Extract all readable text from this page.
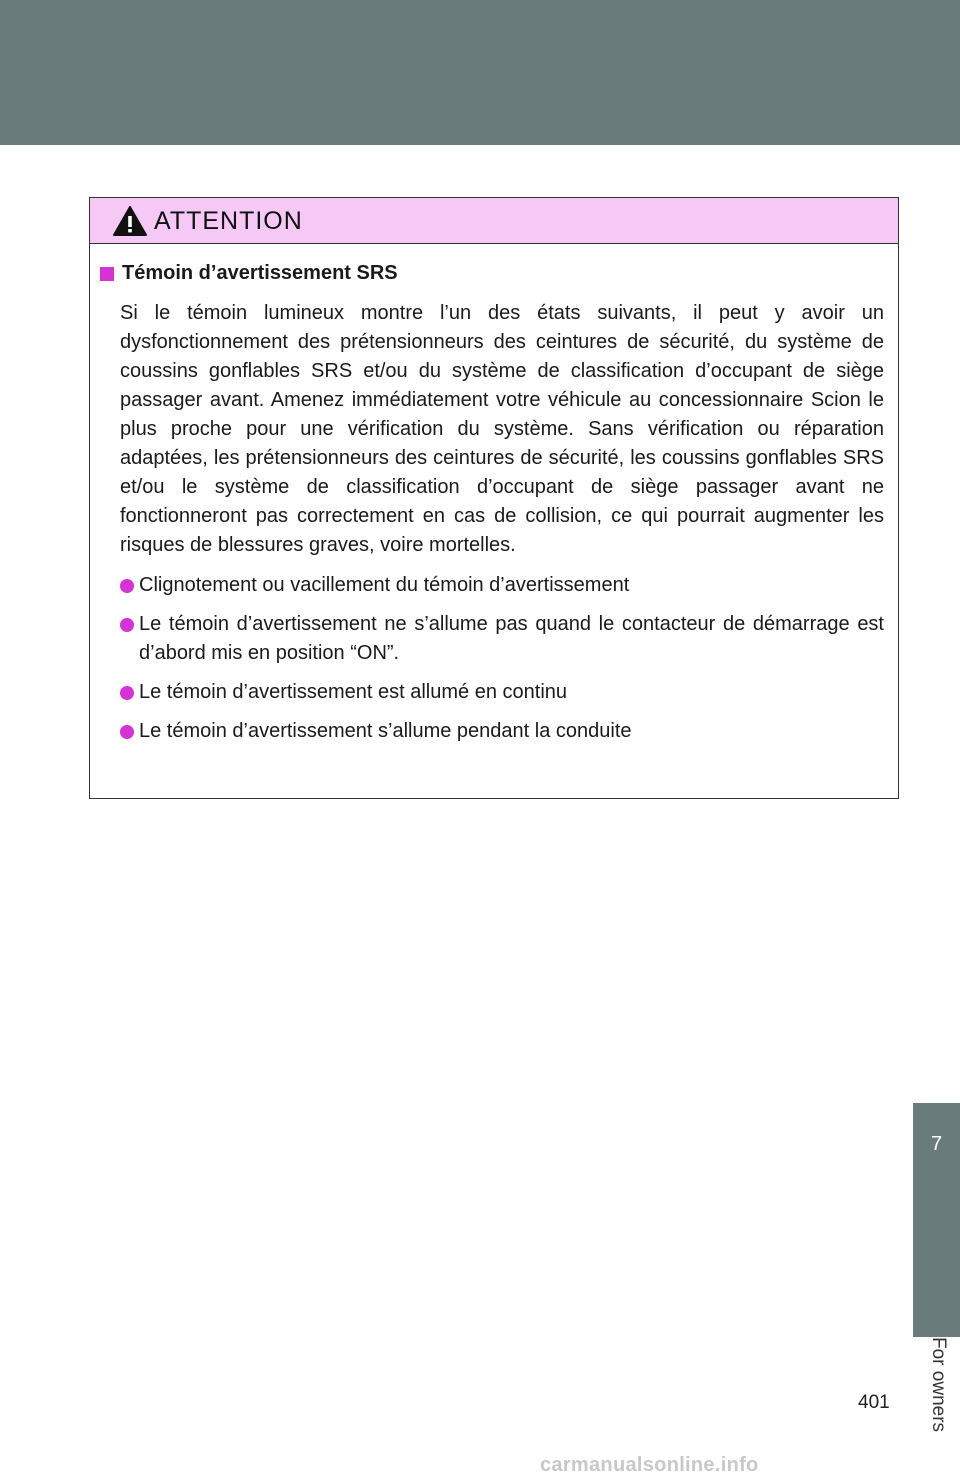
ATTENTION
Témoin d’avertissement SRS

Si le témoin lumineux montre l’un des états suivants, il peut y avoir un dysfonctionnement des prétensionneurs des ceintures de sécurité, du système de coussins gonflables SRS et/ou du système de classification d’occupant de siège passager avant. Amenez immédiatement votre véhicule au concessionnaire Scion le plus proche pour une vérification du système. Sans vérification ou réparation adaptées, les prétensionneurs des ceintures de sécurité, les coussins gonflables SRS et/ou le système de classification d’occupant de siège passager avant ne fonctionneront pas correctement en cas de collision, ce qui pourrait augmenter les risques de blessures graves, voire mortelles.

Clignotement ou vacillement du témoin d’avertissement
Le témoin d’avertissement ne s’allume pas quand le contacteur de démarrage est d’abord mis en position “ON”.
Le témoin d’avertissement est allumé en continu
Le témoin d’avertissement s’allume pendant la conduite
7
For owners
401
carmanualsonline.info
